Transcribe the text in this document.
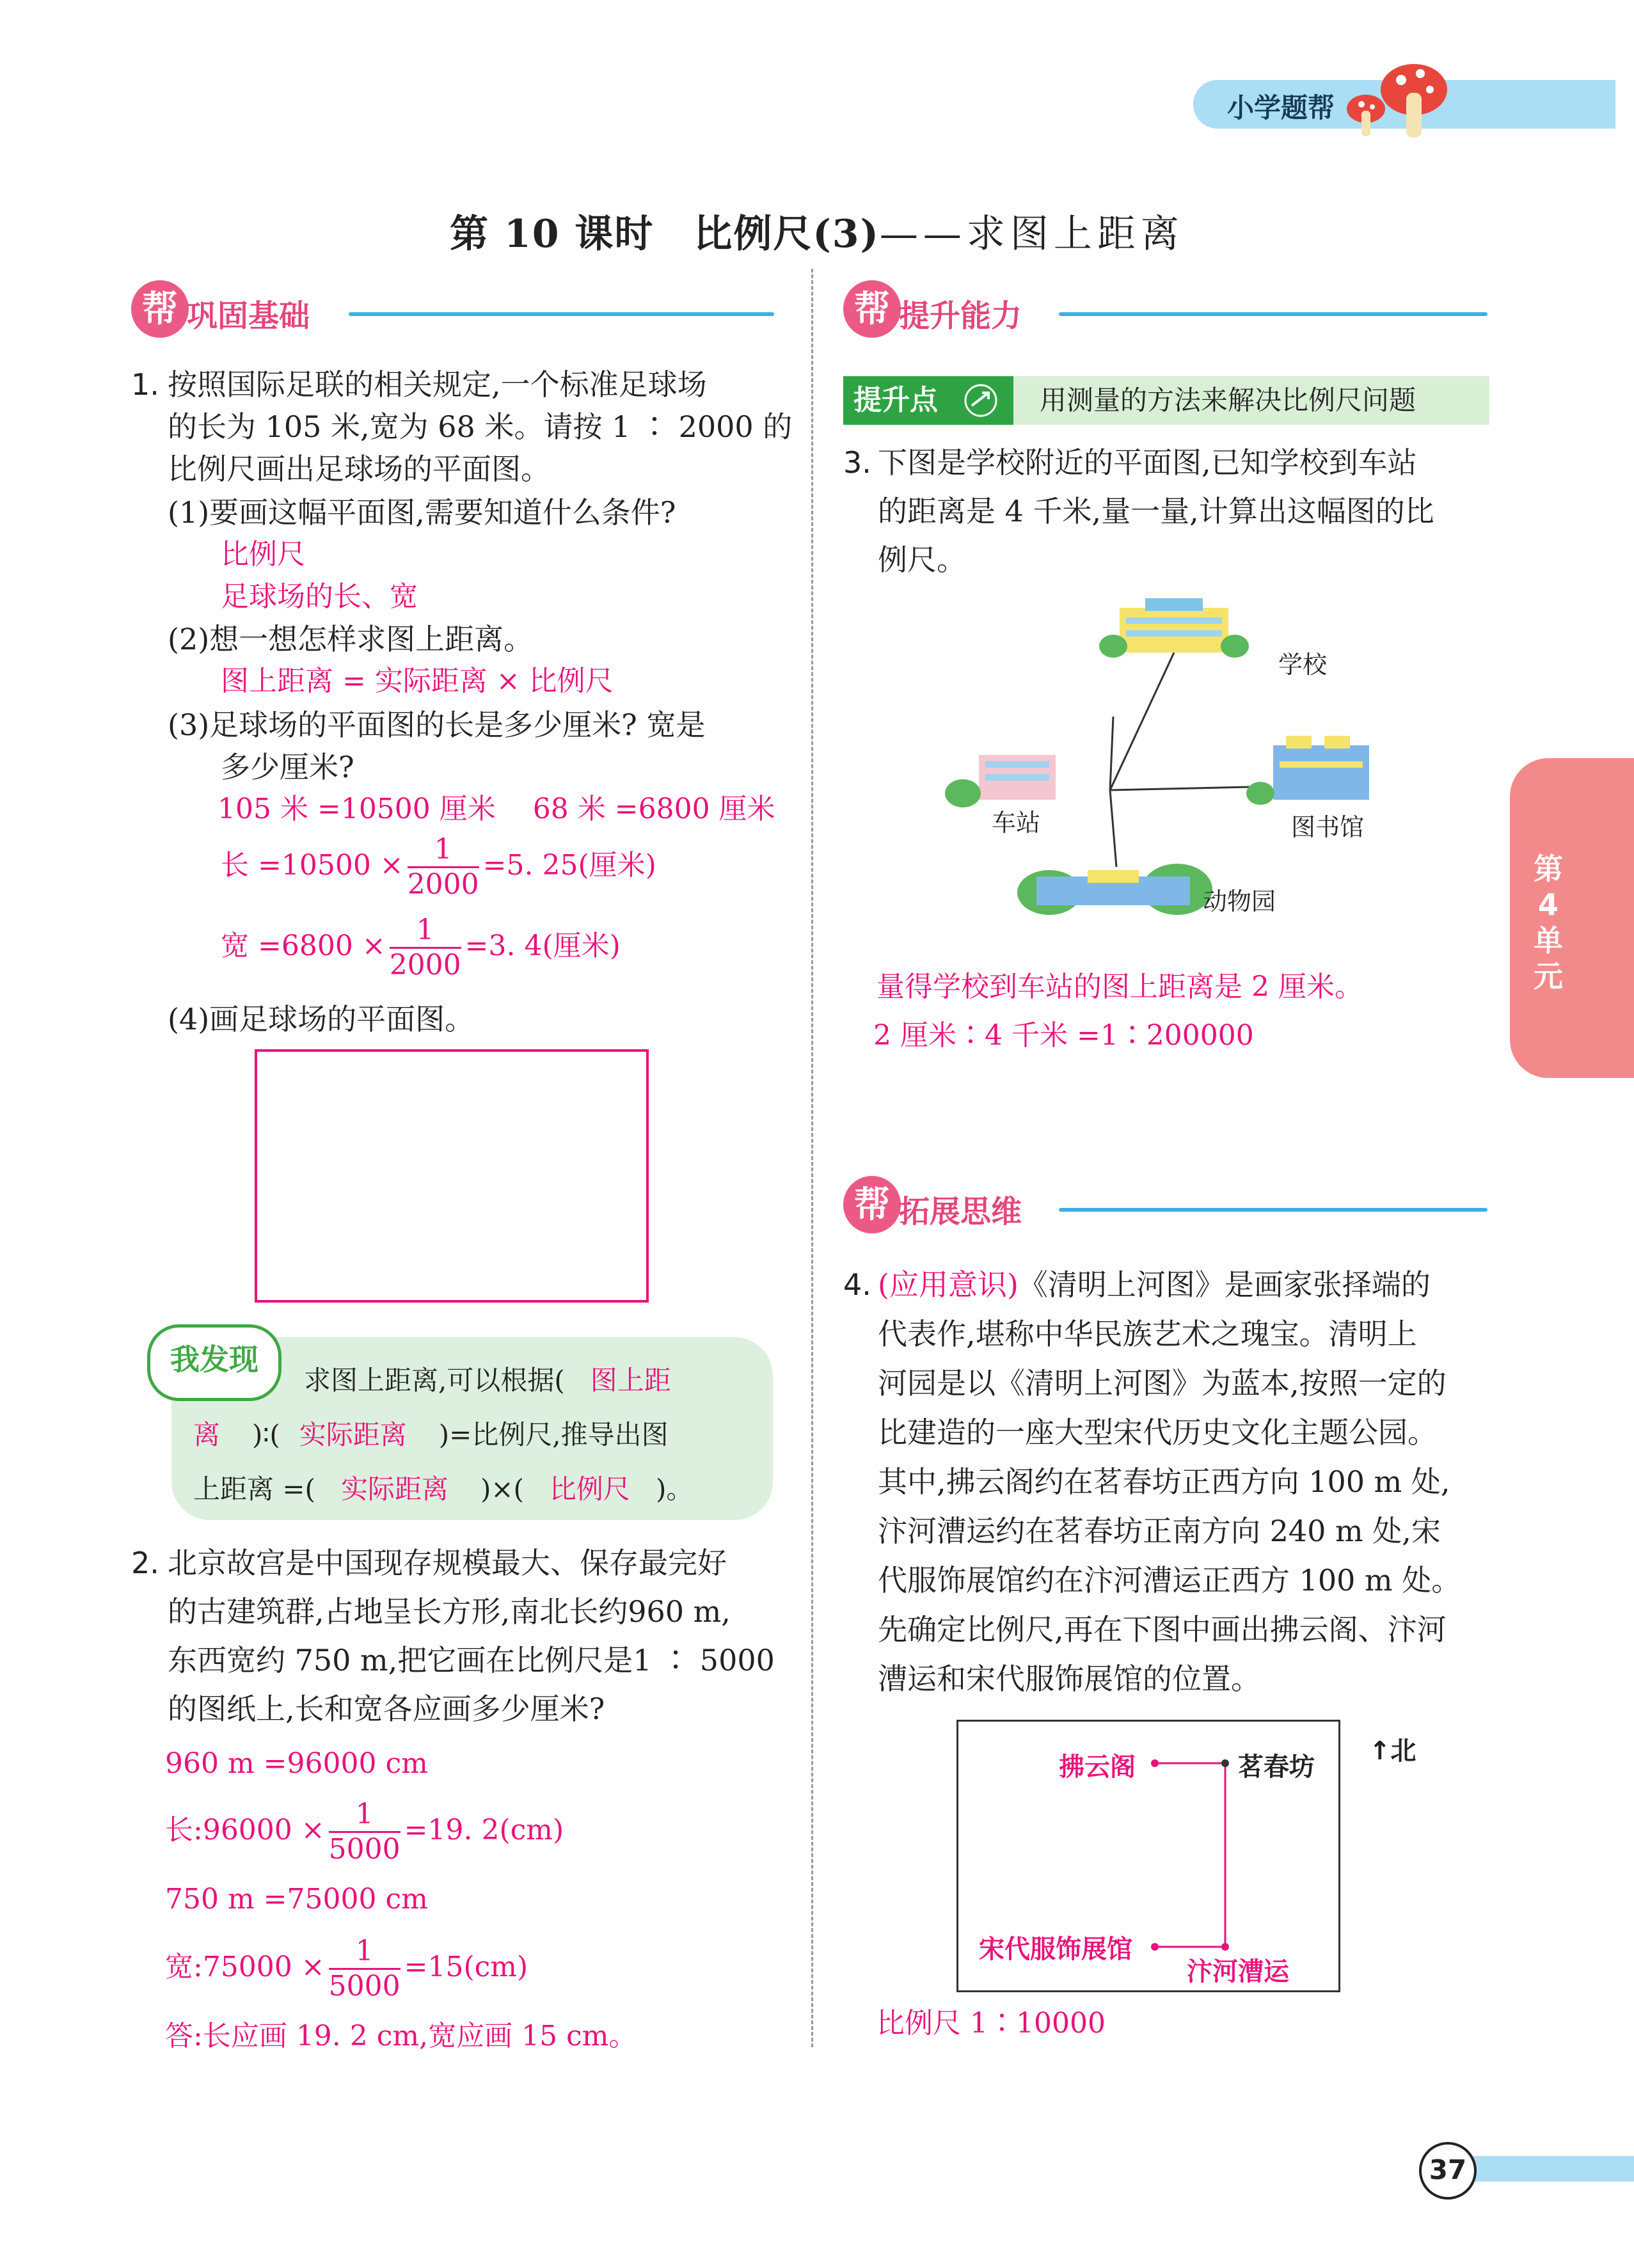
小学题帮
第 10 课时　比例尺(3)——求图上距离
帮 巩固基础
1. 按照国际足联的相关规定,一个标准足球场
的长为 105 米,宽为 68 米。请按 1 ∶ 2000 的
比例尺画出足球场的平面图。
(1)要画这幅平面图,需要知道什么条件?
比例尺
足球场的长、宽
(2)想一想怎样求图上距离。
图上距离 = 实际距离 × 比例尺
(3)足球场的平面图的长是多少厘米? 宽是
多少厘米?
105 米 =10500 厘米　 68 米 =6800 厘米
长 $=10500 \times \frac{1}{2000} =5$. 25(厘米)
宽 $=6800 \times \frac{1}{2000} =3$. 4(厘米)
(4)画足球场的平面图。
我发现
求图上距离,可以根据( 图上距
离 )∶( 实际距离 )=比例尺,推导出图
上距离 =( 实际距离 )×( 比例尺 )。
2. 北京故宫是中国现存规模最大、保存最完好
的古建筑群,占地呈长方形,南北长约960 m,
东西宽约 750 m,把它画在比例尺是1 ∶ 5000
的图纸上,长和宽各应画多少厘米?
960 m =96000 cm
长:96000 × $\frac{1}{5000} =19$. 2(cm)
750 m =75000 cm
宽:75000 × $\frac{1}{5000} =15(cm)$
答:长应画 19. 2 cm,宽应画 15 cm。
帮 提升能力
提升点	用测量的方法来解决比例尺问题
3. 下图是学校附近的平面图,已知学校到车站
的距离是 4 千米,量一量,计算出这幅图的比
例尺。
学校
车站	图书馆
动物园
量得学校到车站的图上距离是 2 厘米。
2 厘米∶4 千米 =1∶200000
帮 拓展思维
4. (应用意识)《清明上河图》是画家张择端的
代表作,堪称中华民族艺术之瑰宝。清明上
河园是以《清明上河图》为蓝本,按照一定的
比建造的一座大型宋代历史文化主题公园。
其中,拂云阁约在茗春坊正西方向 100 m 处,
汴河漕运约在茗春坊正南方向 240 m 处,宋
代服饰展馆约在汴河漕运正西方 100 m 处。
先确定比例尺,再在下图中画出拂云阁、汴河
漕运和宋代服饰展馆的位置。
拂云阁	茗春坊
宋代服饰展馆
汴河漕运
↑北
比例尺 1∶10000
第4单元
37
